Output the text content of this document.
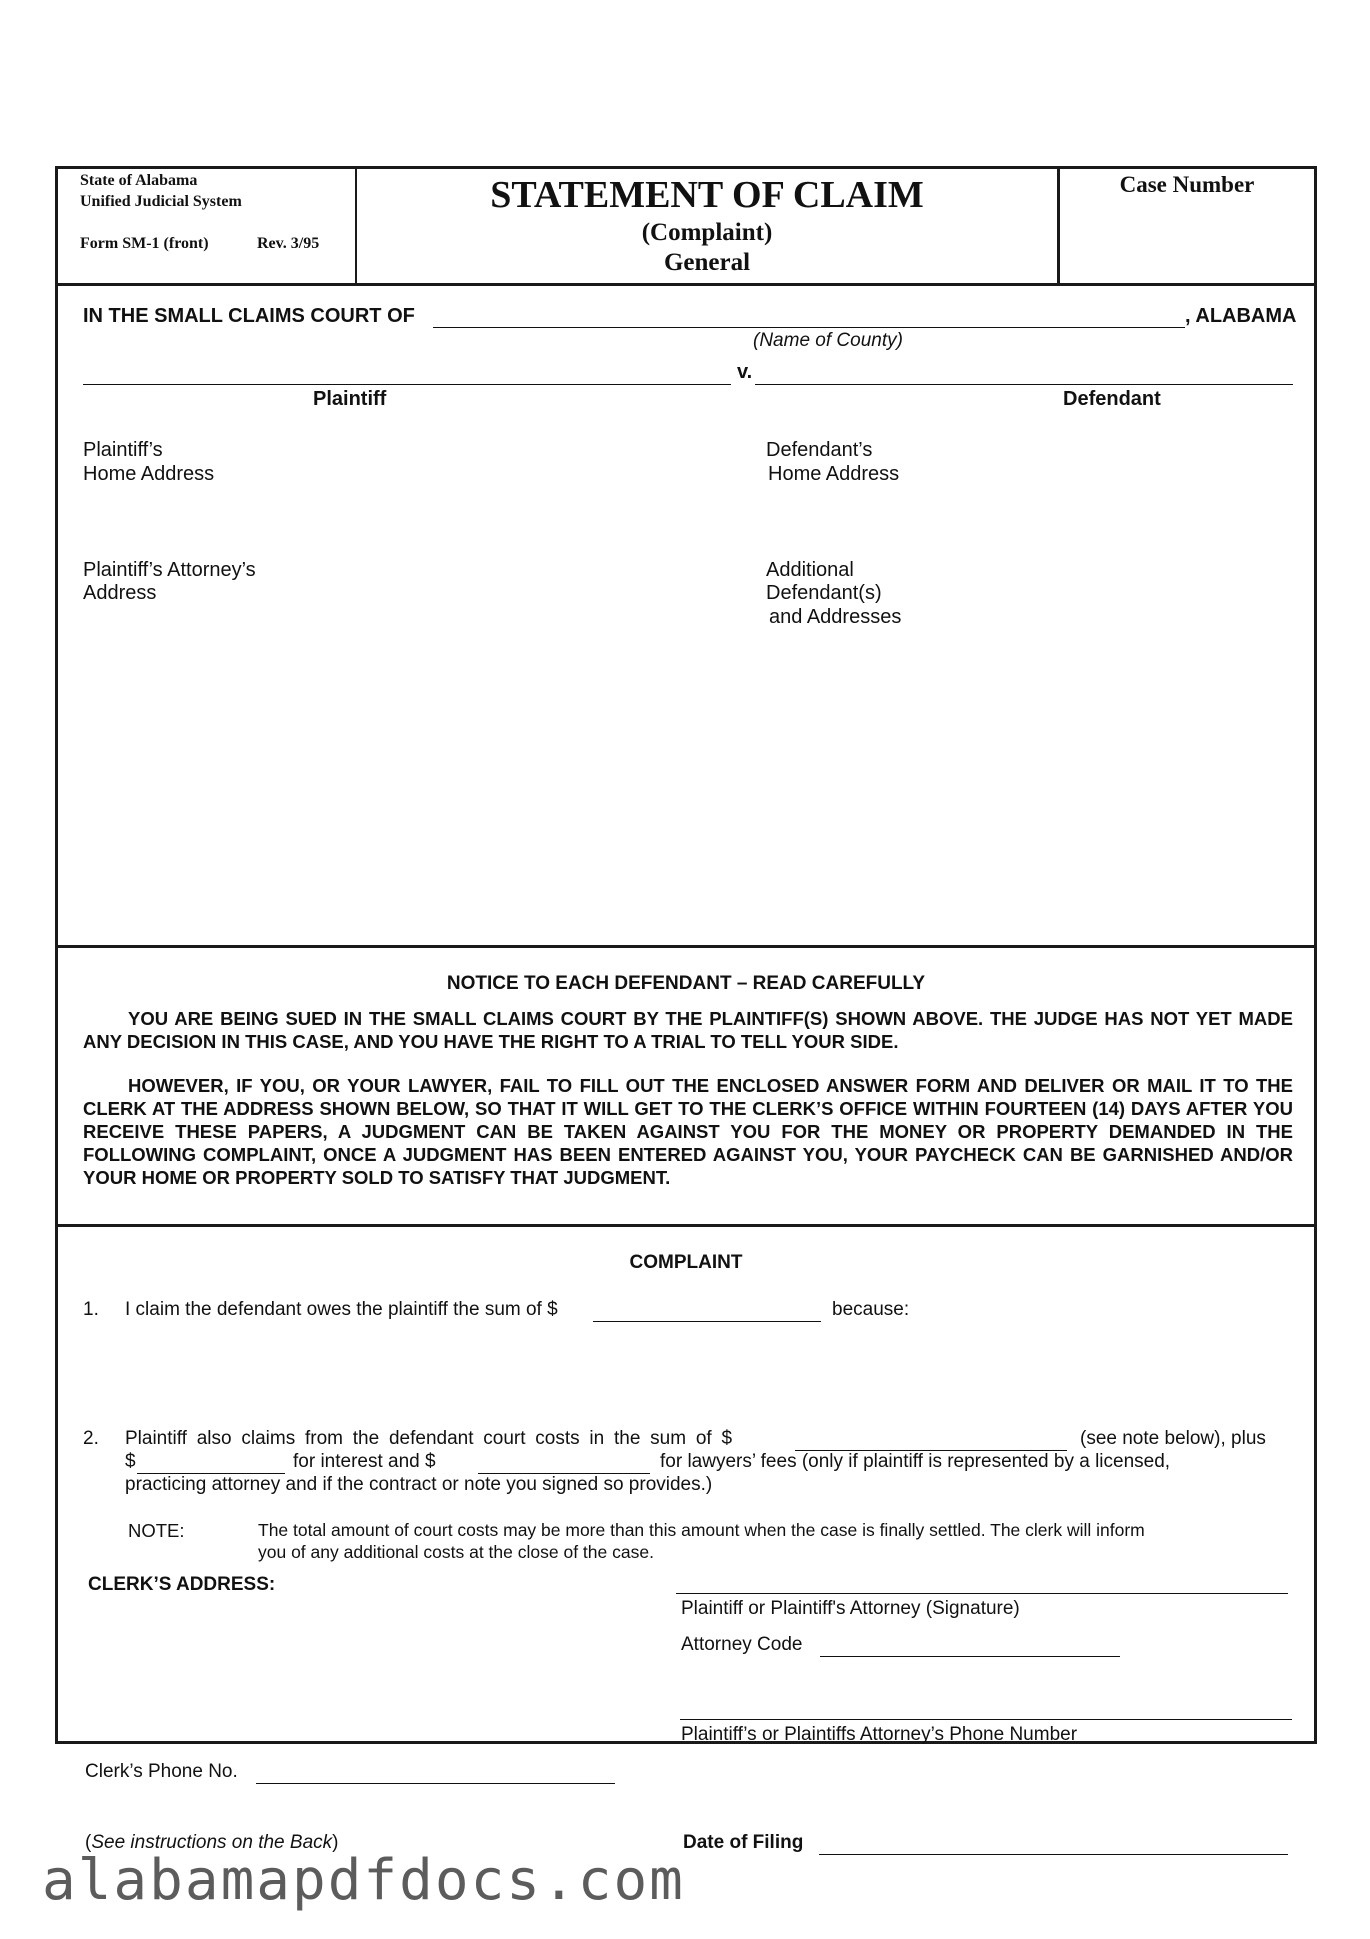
State of Alabama
Unified Judicial System
Form SM-1 (front)	Rev. 3/95
STATEMENT OF CLAIM
(Complaint)
General
Case Number
IN THE SMALL CLAIMS COURT OF	, ALABAMA
(Name of County)
v.
Plaintiff	Defendant
Plaintiff’s
Home Address
Defendant’s
Home Address
Plaintiff’s Attorney’s
Address
Additional
Defendant(s)
and Addresses
NOTICE TO EACH DEFENDANT – READ CAREFULLY

YOU ARE BEING SUED IN THE SMALL CLAIMS COURT BY THE PLAINTIFF(S) SHOWN ABOVE. THE JUDGE HAS NOT YET MADE ANY DECISION IN THIS CASE, AND YOU HAVE THE RIGHT TO A TRIAL TO TELL YOUR SIDE.

HOWEVER, IF YOU, OR YOUR LAWYER, FAIL TO FILL OUT THE ENCLOSED ANSWER FORM AND DELIVER OR MAIL IT TO THE CLERK AT THE ADDRESS SHOWN BELOW, SO THAT IT WILL GET TO THE CLERK’S OFFICE WITHIN FOURTEEN (14) DAYS AFTER YOU RECEIVE THESE PAPERS, A JUDGMENT CAN BE TAKEN AGAINST YOU FOR THE MONEY OR PROPERTY DEMANDED IN THE FOLLOWING COMPLAINT, ONCE A JUDGMENT HAS BEEN ENTERED AGAINST YOU, YOUR PAYCHECK CAN BE GARNISHED AND/OR YOUR HOME OR PROPERTY SOLD TO SATISFY THAT JUDGMENT.

COMPLAINT
1. I claim the defendant owes the plaintiff the sum of $	because:
2. Plaintiff also claims from the defendant court costs in the sum of $	(see note below), plus
$	for interest and $	for lawyers’ fees (only if plaintiff is represented by a licensed,
practicing attorney and if the contract or note you signed so provides.)
NOTE:	The total amount of court costs may be more than this amount when the case is finally settled. The clerk will inform
you of any additional costs at the close of the case.
CLERK’S ADDRESS:
Plaintiff or Plaintiff's Attorney (Signature)
Attorney Code
Plaintiff’s or Plaintiffs Attorney’s Phone Number
Clerk’s Phone No.
(See instructions on the Back)	Date of Filing
alabamapdfdocs.com
